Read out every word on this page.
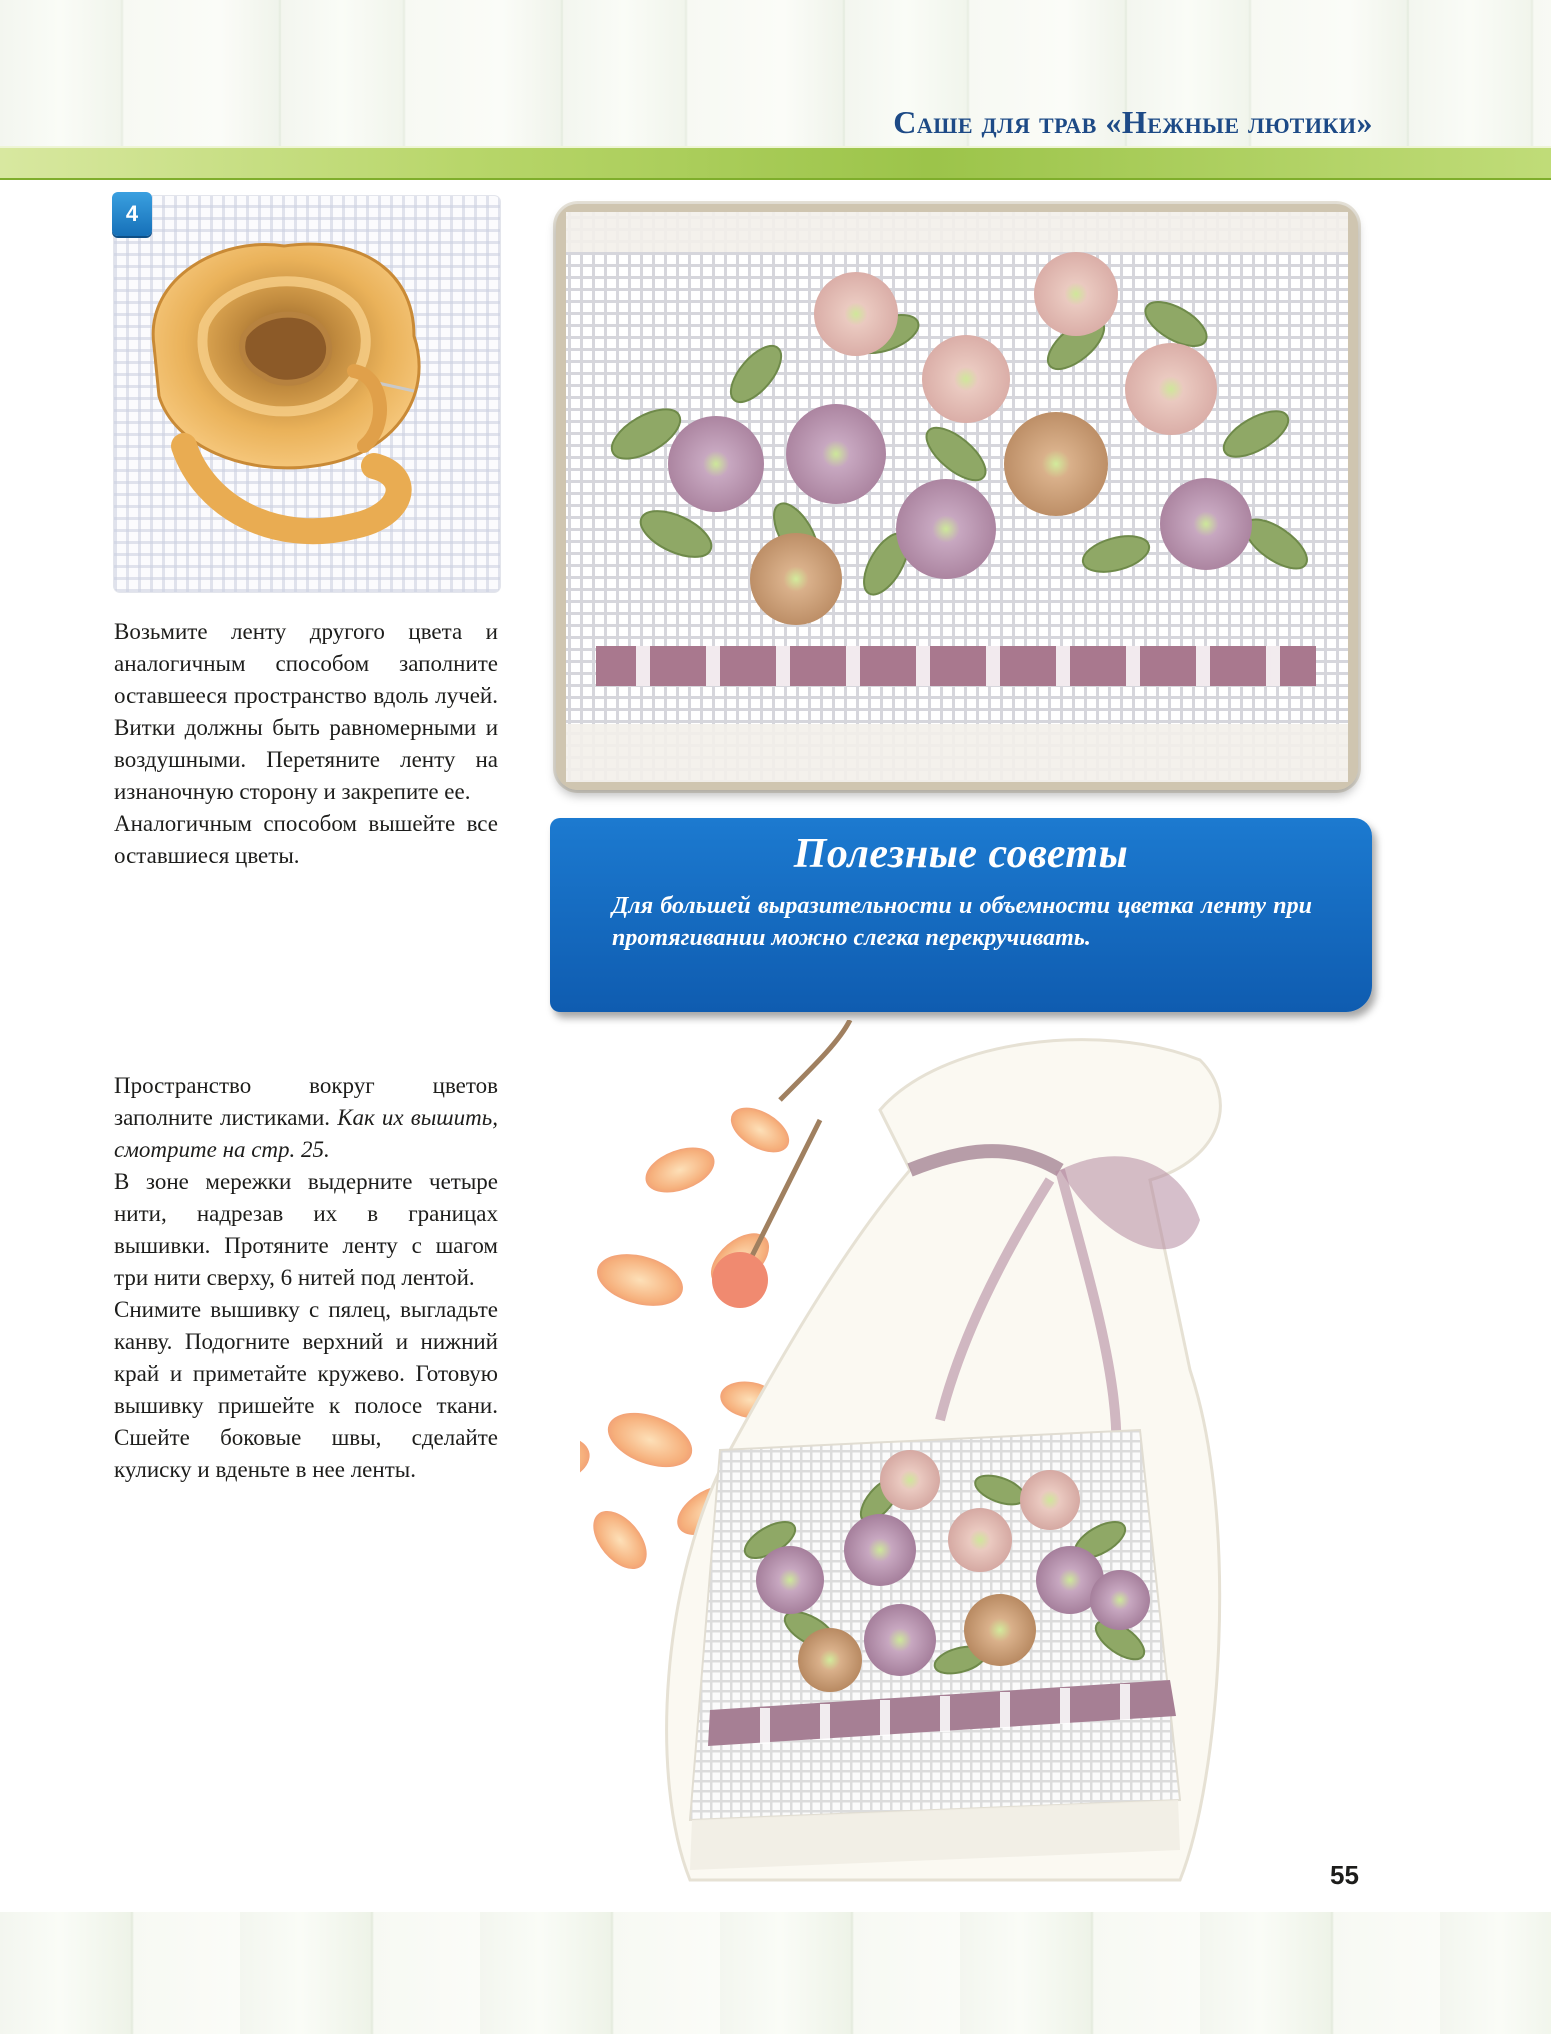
Саше для трав «Нежные лютики»
4

Возьмите ленту другого цвета и аналогичным способом заполните оставшееся пространство вдоль лучей. Витки должны быть равномерными и воздушными. Перетяните ленту на изнаночную сторону и закрепите ее.

Аналогичным способом вышейте все оставшиеся цветы.	Полезные советы

Для большей выразительности и объемности цветка ленту при протягивании можно слегка перекручивать.

Пространство вокруг цветов заполните листиками. Как их вышить, смотрите на стр. 25.

В зоне мережки выдерните четыре нити, надрезав их в границах вышивки. Протяните ленту с шагом три нити сверху, 6 нитей под лентой.

Снимите вышивку с пялец, выгладьте канву. Подогните верхний и нижний край и приметайте кружево. Готовую вышивку пришейте к полосе ткани. Сшейте боковые швы, сделайте кулиску и вденьте в нее ленты.

55
